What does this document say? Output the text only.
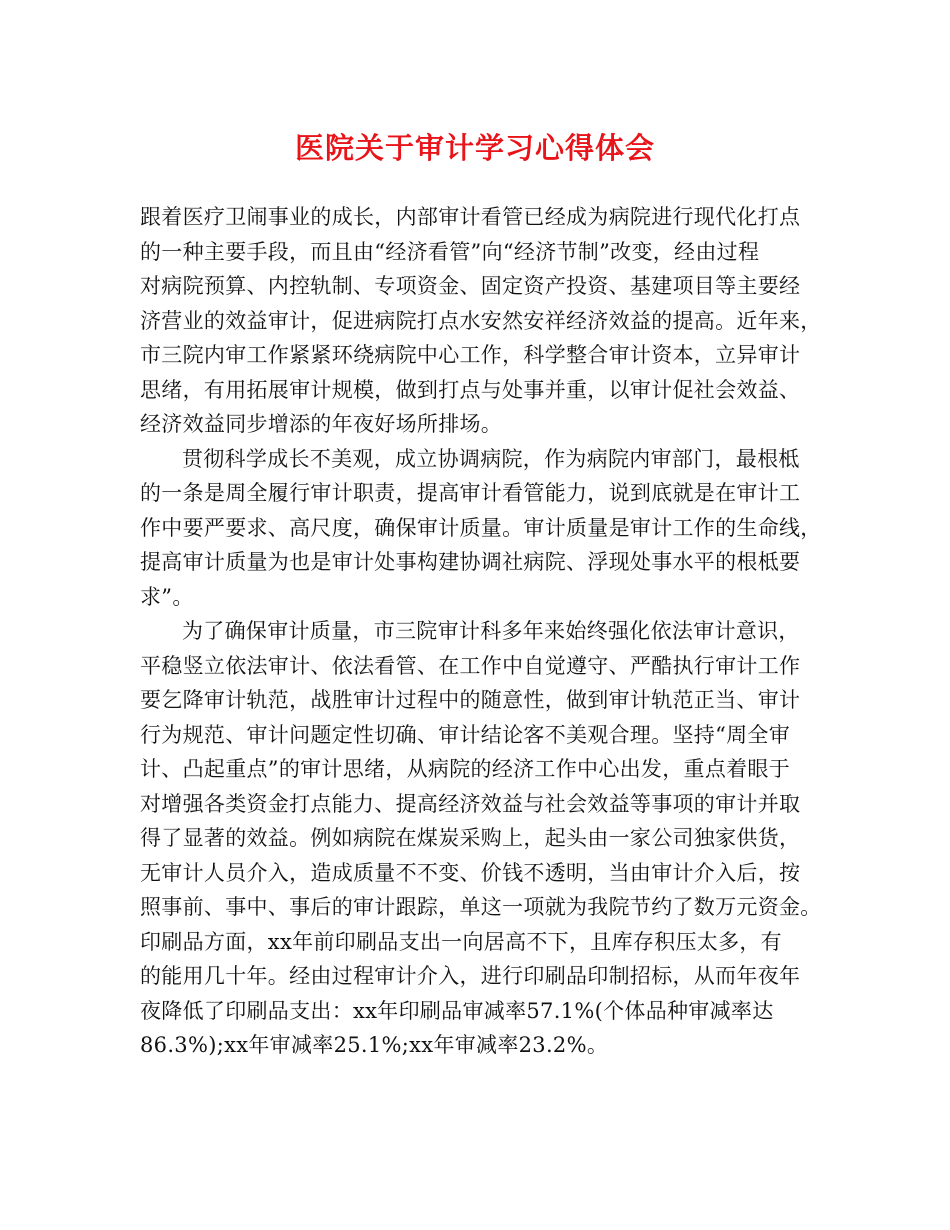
医院关于审计学习心得体会
跟着医疗卫闹事业的成长，内部审计看管已经成为病院进行现代化打点
的一种主要手段，而且由“经济看管”向“经济节制”改变，经由过程
对病院预算、内控轨制、专项资金、固定资产投资、基建项目等主要经
济营业的效益审计，促进病院打点水安然安祥经济效益的提高。近年来，
市三院内审工作紧紧环绕病院中心工作，科学整合审计资本，立异审计
思绪，有用拓展审计规模，做到打点与处事并重，以审计促社会效益、
经济效益同步增添的年夜好场所排场。
贯彻科学成长不美观，成立协调病院，作为病院内审部门，最根柢
的一条是周全履行审计职责，提高审计看管能力，说到底就是在审计工
作中要严要求、高尺度，确保审计质量。审计质量是审计工作的生命线，
提高审计质量为也是审计处事构建协调社病院、浮现处事水平的根柢要
求”。
为了确保审计质量，市三院审计科多年来始终强化依法审计意识，
平稳竖立依法审计、依法看管、在工作中自觉遵守、严酷执行审计工作
要乞降审计轨范，战胜审计过程中的随意性，做到审计轨范正当、审计
行为规范、审计问题定性切确、审计结论客不美观合理。坚持“周全审
计、凸起重点”的审计思绪，从病院的经济工作中心出发，重点着眼于
对增强各类资金打点能力、提高经济效益与社会效益等事项的审计并取
得了显著的效益。例如病院在煤炭采购上，起头由一家公司独家供货，
无审计人员介入，造成质量不不变、价钱不透明，当由审计介入后，按
照事前、事中、事后的审计跟踪，单这一项就为我院节约了数万元资金。
印刷品方面，xx年前印刷品支出一向居高不下，且库存积压太多，有
的能用几十年。经由过程审计介入，进行印刷品印制招标，从而年夜年
夜降低了印刷品支出：xx年印刷品审减率57.1%(个体品种审减率达
86.3%);xx年审减率25.1%;xx年审减率23.2%。
